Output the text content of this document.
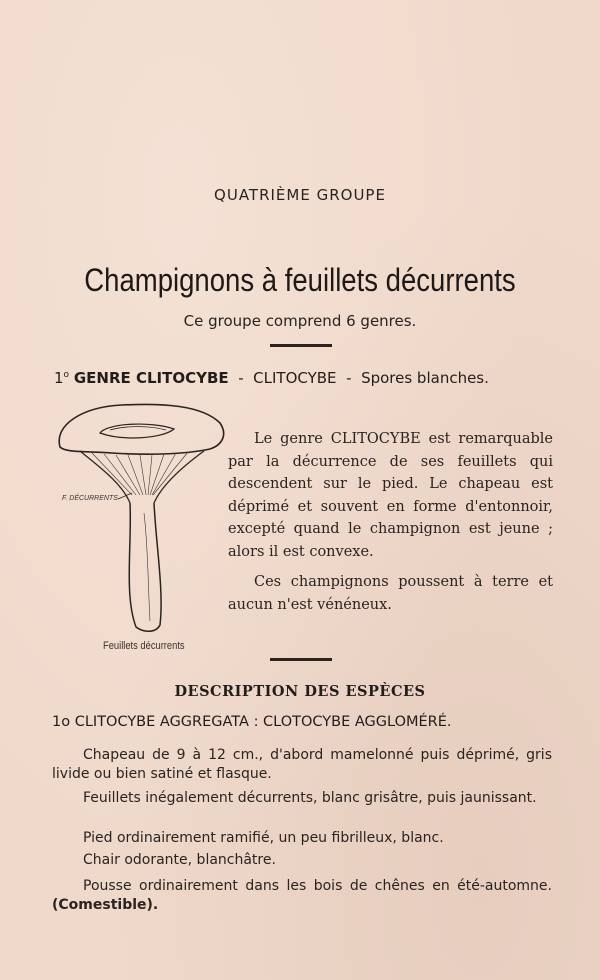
QUATRIÈME GROUPE
Champignons à feuillets décurrents
Ce groupe comprend 6 genres.
1$^o$ GENRE CLITOCYBE - CLITOCYBE - Spores blanches.
F. DÉCURRENTS
Feuillets décurrents

Le genre CLITOCYBE est remarquable par la décurrence de ses feuillets qui descendent sur le pied. Le chapeau est déprimé et souvent en forme d'entonnoir, excepté quand le champignon est jeune ; alors il est convexe.

Ces champignons poussent à terre et aucun n'est vénéneux.

DESCRIPTION DES ESPÈCES
1o CLITOCYBE AGGREGATA : CLOTOCYBE AGGLOMÉRÉ.

Chapeau de 9 à 12 cm., d'abord mamelonné puis déprimé, gris livide ou bien satiné et flasque.

Feuillets inégalement décurrents, blanc grisâtre, puis jaunissant.

Pied ordinairement ramifié, un peu fibrilleux, blanc.

Chair odorante, blanchâtre.

Pousse ordinairement dans les bois de chênes en été-automne. (Comestible).
